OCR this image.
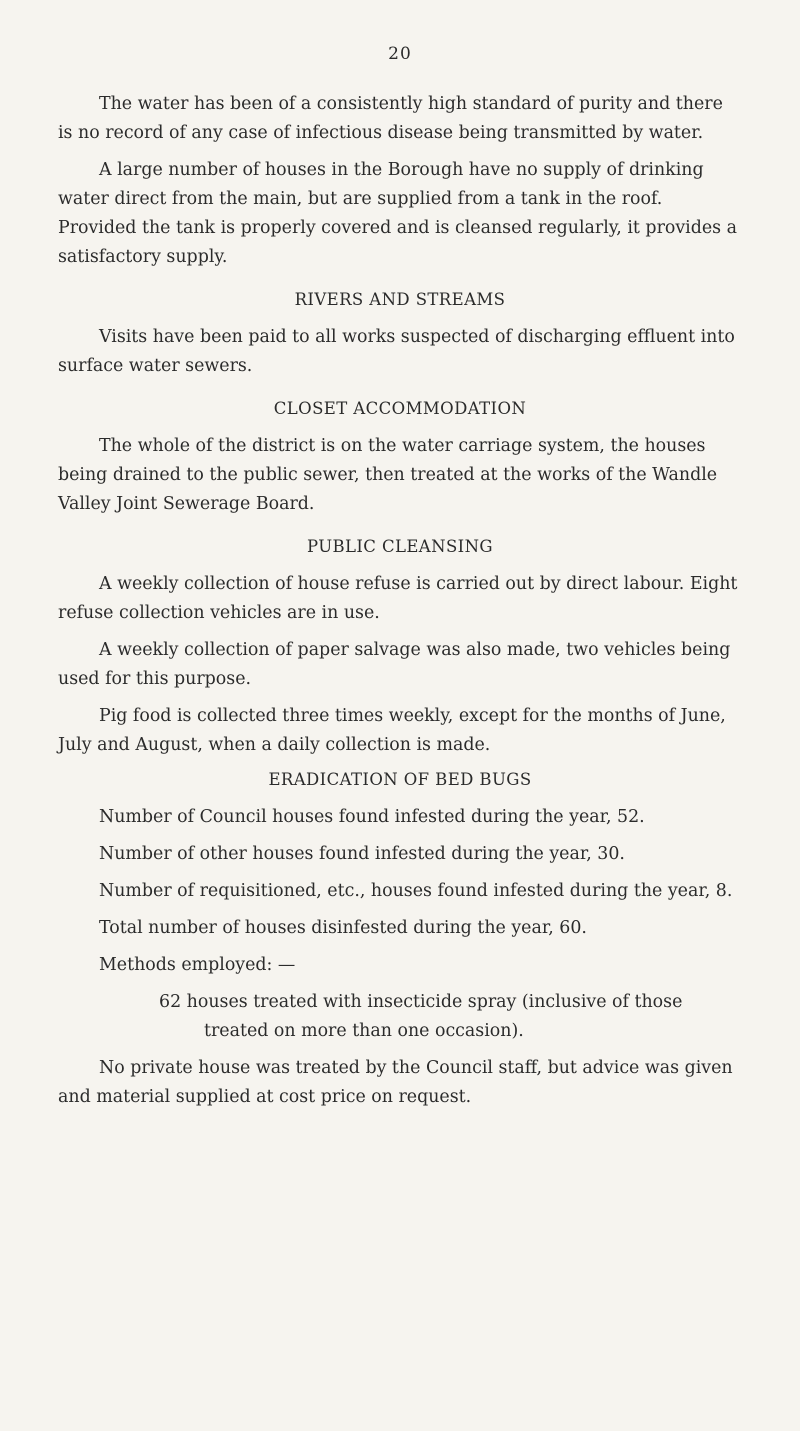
20

The water has been of a consistently high standard of purity and there is no record of any case of infectious disease being transmitted by water.

A large number of houses in the Borough have no supply of drinking water direct from the main, but are supplied from a tank in the roof. Provided the tank is properly covered and is cleansed regularly, it provides a satisfactory supply.

RIVERS AND STREAMS

Visits have been paid to all works suspected of discharging effluent into surface water sewers.

CLOSET ACCOMMODATION

The whole of the district is on the water carriage system, the houses being drained to the public sewer, then treated at the works of the Wandle Valley Joint Sewerage Board.

PUBLIC CLEANSING

A weekly collection of house refuse is carried out by direct labour. Eight refuse collection vehicles are in use.

A weekly collection of paper salvage was also made, two vehicles being used for this purpose.

Pig food is collected three times weekly, except for the months of June, July and August, when a daily collection is made.

ERADICATION OF BED BUGS

Number of Council houses found infested during the year, 52.

Number of other houses found infested during the year, 30.

Number of requisitioned, etc., houses found infested during the year, 8.

Total number of houses disinfested during the year, 60.

Methods employed: —

62 houses treated with insecticide spray (inclusive of those treated on more than one occasion).

No private house was treated by the Council staff, but advice was given and material supplied at cost price on request.
